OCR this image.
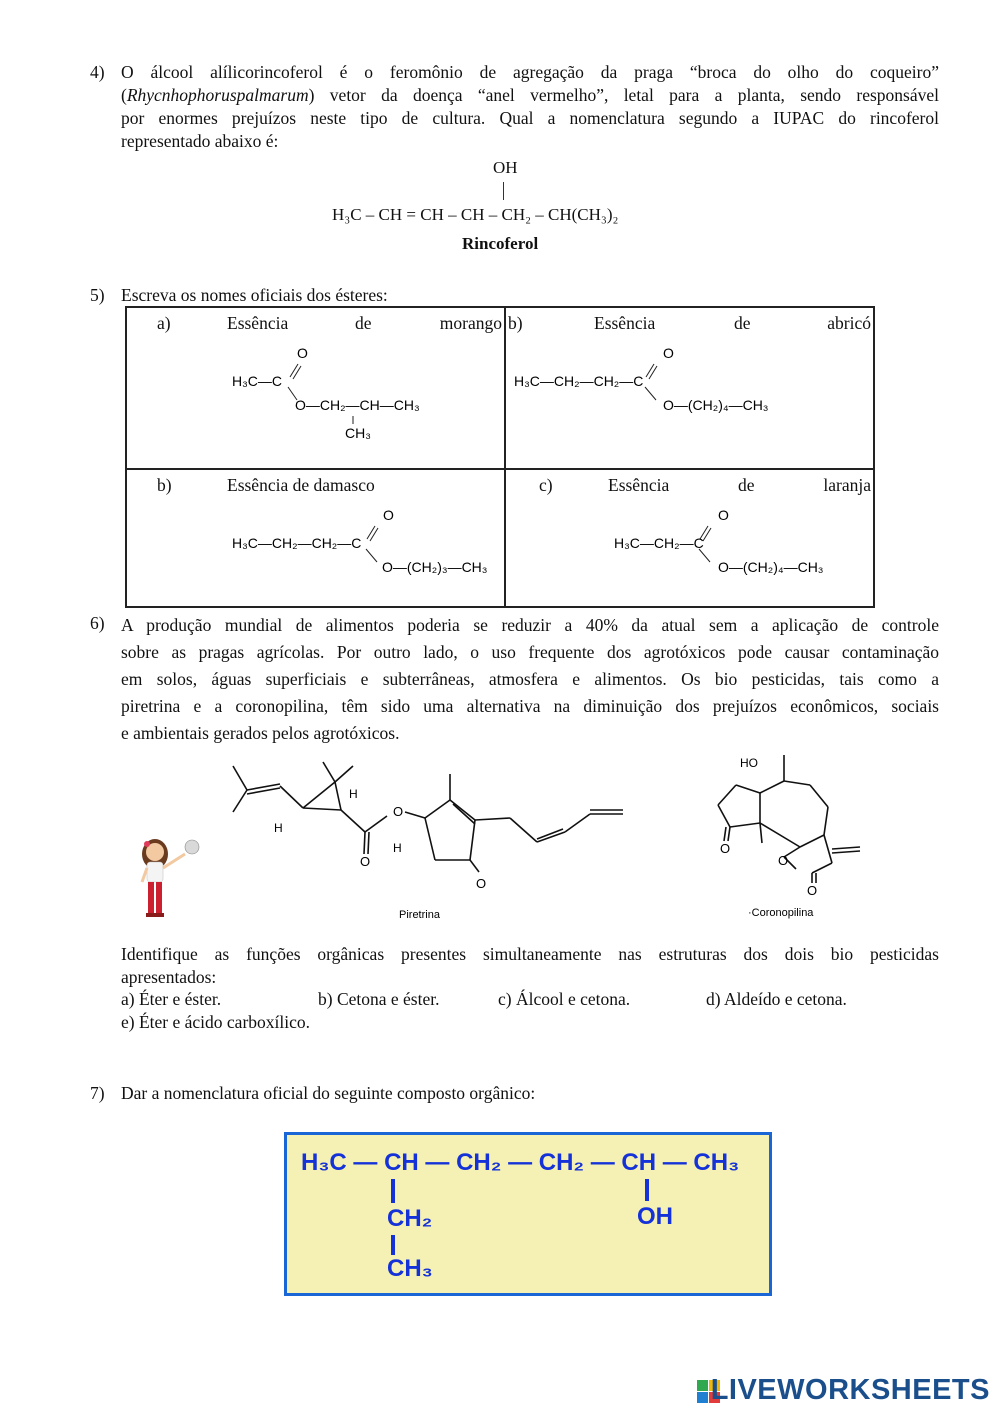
4) O álcool alílicorincoferol é o feromônio de agregação da praga “broca do olho do coqueiro”
(Rhycnhophoruspalmarum) vetor da doença “anel vermelho”, letal para a planta, sendo responsável
por enormes prejuízos neste tipo de cultura. Qual a nomenclatura segundo a IUPAC do rincoferol
representado abaixo é:
OH
H₃C – CH = CH – CH – CH₂ – CH(CH₃)₂
Rincoferol
5) Escreva os nomes oficiais dos ésteres:
a)	Essência	de	morango
H₃C—C
O
O—CH₂—CH—CH₃
CH₃
b)	Essência	de	abricó
H₃C—CH₂—CH₂—C
O
O—(CH₂)₄—CH₃
b)	Essência de damasco
H₃C—CH₂—CH₂—C
O
O—(CH₂)₃—CH₃
c)	Essência	de	laranja
H₃C—CH₂—C
O
O—(CH₂)₄—CH₃
6) A produção mundial de alimentos poderia se reduzir a 40% da atual sem a aplicação de controle
sobre as pragas agrícolas. Por outro lado, o uso frequente dos agrotóxicos pode causar contaminação
em solos, águas superficiais e subterrâneas, atmosfera e alimentos. Os bio pesticidas, tais como a
piretrina e a coronopilina, têm sido uma alternativa na diminuição dos prejuízos econômicos, sociais
e ambientais gerados pelos agrotóxicos.
H
H
O
O
H
O
Piretrina
HO
O
O
O
·Coronopilina
Identifique as funções orgânicas presentes simultaneamente nas estruturas dos dois bio pesticidas
apresentados:
a) Éter e éster.	b) Cetona e éster.	c) Álcool e cetona.	d) Aldeído e cetona.
e) Éter e ácido carboxílico.
7) Dar a nomenclatura oficial do seguinte composto orgânico:
H₃C — CH — CH₂ — CH₂ — CH — CH₃
CH₂
CH₃
OH
LIVEWORKSHEETS
